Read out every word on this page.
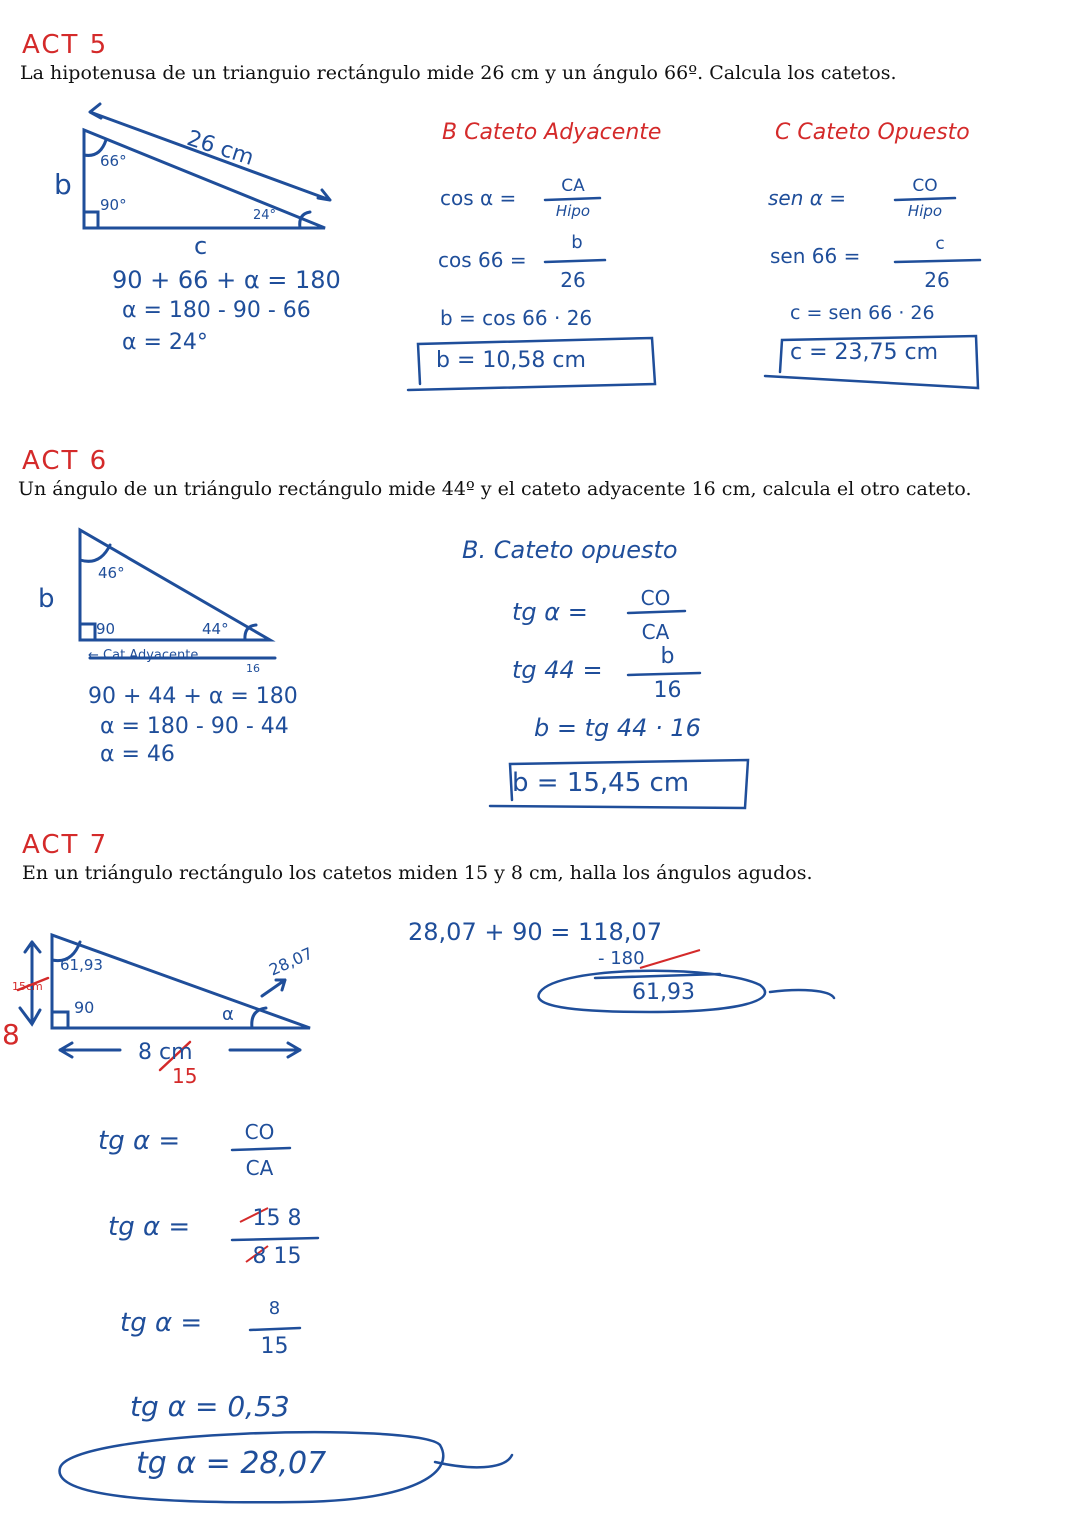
ACT 5
La hipotenusa de un trianguio rectángulo mide 26 cm y un ángulo 66º. Calcula los catetos.
26 cm
66°
90°
24°
b
c
90 + 66 + α = 180
α = 180 - 90 - 66
α = 24°
B Cateto Adyacente
cos α =	CA
Hipo
cos 66 =
b
26
b = cos 66 · 26
b = 10,58 cm
C Cateto Opuesto
sen α =	CO
Hipo
sen 66 =	c
26
c = sen 66 · 26
c = 23,75 cm
ACT 6
Un ángulo de un triángulo rectángulo mide 44º y el cateto adyacente 16 cm, calcula el otro cateto.
46°
90	44°
b
← Cat Adyacente
16
90 + 44 + α = 180
α = 180 - 90 - 44
α = 46
B. Cateto opuesto
tg α =	CO
CA
tg 44 =	b
16
b = tg 44 · 16
b = 15,45 cm
ACT 7
En un triángulo rectángulo los catetos miden 15 y 8 cm, halla los ángulos agudos.
61,93
90
28,07
α
15cm
8
8 cm
15
28,07 + 90 = 118,07
- 180
61,93
tg α =	CO
CA
tg α =	15 8
8 15
tg α =	8
15
tg α = 0,53
tg α = 28,07
